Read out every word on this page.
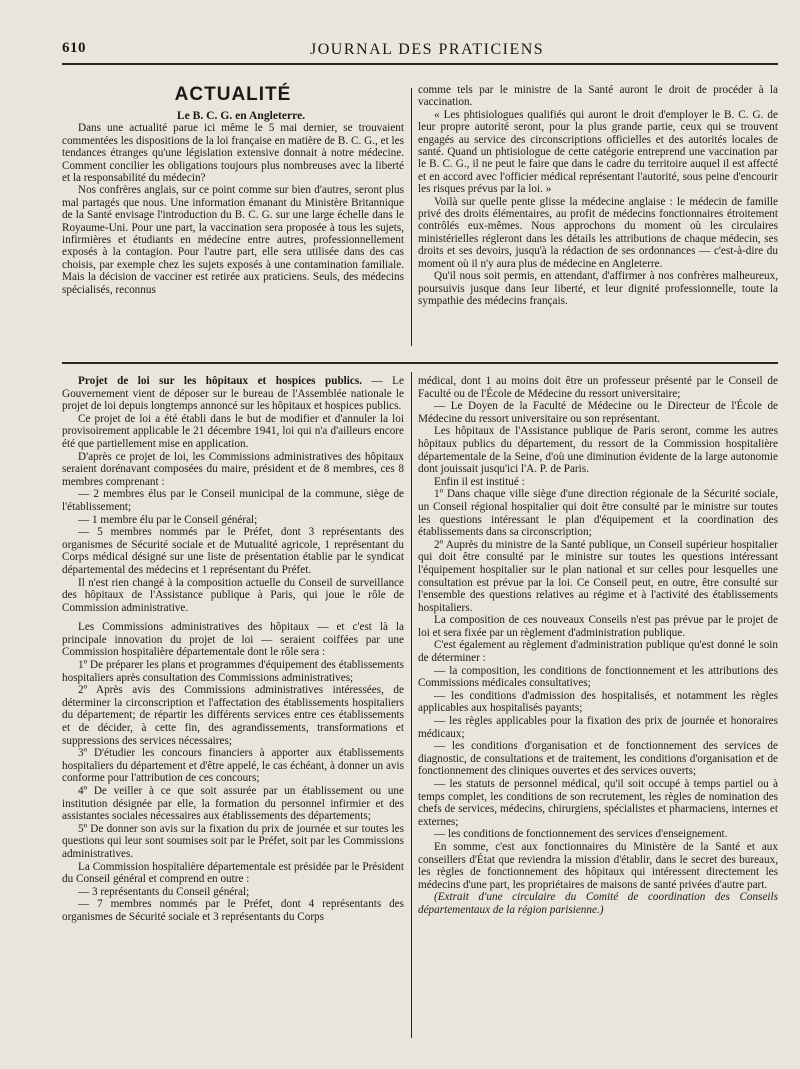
610	JOURNAL DES PRATICIENS
ACTUALITÉ

Le B. C. G. en Angleterre.

Dans une actualité parue ici même le 5 mai dernier, se trouvaient commentées les dispositions de la loi française en matière de B. C. G., et les tendances étranges qu'une législation extensive donnait à notre médecine. Comment concilier les obligations toujours plus nombreuses avec la liberté et la responsabilité du médecin?

Nos confrères anglais, sur ce point comme sur bien d'autres, seront plus mal partagés que nous. Une information émanant du Ministère Britannique de la Santé envisage l'introduction du B. C. G. sur une large échelle dans le Royaume-Uni. Pour une part, la vaccination sera proposée à tous les sujets, infirmières et étudiants en médecine entre autres, professionnellement exposés à la contagion. Pour l'autre part, elle sera utilisée dans des cas choisis, par exemple chez les sujets exposés à une contamination familiale. Mais la décision de vacciner est retirée aux praticiens. Seuls, des médecins spécialisés, reconnus

comme tels par le ministre de la Santé auront le droit de procéder à la vaccination.

« Les phtisiologues qualifiés qui auront le droit d'employer le B. C. G. de leur propre autorité seront, pour la plus grande partie, ceux qui se trouvent engagés au service des circonscriptions officielles et des autorités locales de santé. Quand un phtisiologue de cette catégorie entreprend une vaccination par le B. C. G., il ne peut le faire que dans le cadre du territoire auquel il est affecté et en accord avec l'officier médical représentant l'autorité, sous peine d'encourir les risques prévus par la loi. »

Voilà sur quelle pente glisse la médecine anglaise : le médecin de famille privé des droits élémentaires, au profit de médecins fonctionnaires étroitement contrôlés eux-mêmes. Nous approchons du moment où les circulaires ministérielles régleront dans les détails les attributions de chaque médecin, ses droits et ses devoirs, jusqu'à la rédaction de ses ordonnances — c'est-à-dire du moment où il n'y aura plus de médecine en Angleterre.

Qu'il nous soit permis, en attendant, d'affirmer à nos confrères malheureux, poursuivis jusque dans leur liberté, et leur dignité professionnelle, toute la sympathie des médecins français.

Projet de loi sur les hôpitaux et hospices publics. — Le Gouvernement vient de déposer sur le bureau de l'Assemblée nationale le projet de loi depuis longtemps annoncé sur les hôpitaux et hospices publics.

Ce projet de loi a été établi dans le but de modifier et d'annuler la loi provisoirement applicable le 21 décembre 1941, loi qui n'a d'ailleurs encore été que partiellement mise en application.

D'après ce projet de loi, les Commissions administratives des hôpitaux seraient dorénavant composées du maire, président et de 8 membres, ces 8 membres comprenant :

— 2 membres élus par le Conseil municipal de la commune, siège de l'établissement;

— 1 membre élu par le Conseil général;

— 5 membres nommés par le Préfet, dont 3 représentants des organismes de Sécurité sociale et de Mutualité agricole, 1 représentant du Corps médical désigné sur une liste de présentation établie par le syndicat départemental des médecins et 1 représentant du Préfet.

Il n'est rien changé à la composition actuelle du Conseil de surveillance des hôpitaux de l'Assistance publique à Paris, qui joue le rôle de Commission administrative.

Les Commissions administratives des hôpitaux — et c'est là la principale innovation du projet de loi — seraient coiffées par une Commission hospitalière départementale dont le rôle sera :

1º De préparer les plans et programmes d'équipement des établissements hospitaliers après consultation des Commissions administratives;

2º Après avis des Commissions administratives intéressées, de déterminer la circonscription et l'affectation des établissements hospitaliers du département; de répartir les différents services entre ces établissements et de décider, à cette fin, des agrandissements, transformations et suppressions des services nécessaires;

3º D'étudier les concours financiers à apporter aux établissements hospitaliers du département et d'être appelé, le cas échéant, à donner un avis conforme pour l'attribution de ces concours;

4º De veiller à ce que soit assurée par un établissement ou une institution désignée par elle, la formation du personnel infirmier et des assistantes sociales nécessaires aux établissements des départements;

5º De donner son avis sur la fixation du prix de journée et sur toutes les questions qui leur sont soumises soit par le Préfet, soit par les Commissions administratives.

La Commission hospitalière départementale est présidée par le Président du Conseil général et comprend en outre :

— 3 représentants du Conseil général;

— 7 membres nommés par le Préfet, dont 4 représentants des organismes de Sécurité sociale et 3 représentants du Corps

médical, dont 1 au moins doit être un professeur présenté par le Conseil de Faculté ou de l'École de Médecine du ressort universitaire;

— Le Doyen de la Faculté de Médecine ou le Directeur de l'École de Médecine du ressort universitaire ou son représentant.

Les hôpitaux de l'Assistance publique de Paris seront, comme les autres hôpitaux publics du département, du ressort de la Commission hospitalière départementale de la Seine, d'où une diminution évidente de la large autonomie dont jouissait jusqu'ici l'A. P. de Paris.

Enfin il est institué :

1º Dans chaque ville siège d'une direction régionale de la Sécurité sociale, un Conseil régional hospitalier qui doit être consulté par le ministre sur toutes les questions intéressant le plan d'équipement et la coordination des établissements dans sa circonscription;

2º Auprès du ministre de la Santé publique, un Conseil supérieur hospitalier qui doit être consulté par le ministre sur toutes les questions intéressant l'équipement hospitalier sur le plan national et sur celles pour lesquelles une consultation est prévue par la loi. Ce Conseil peut, en outre, être consulté sur l'ensemble des questions relatives au régime et à l'activité des établissements hospitaliers.

La composition de ces nouveaux Conseils n'est pas prévue par le projet de loi et sera fixée par un règlement d'administration publique.

C'est également au règlement d'administration publique qu'est donné le soin de déterminer :

— la composition, les conditions de fonctionnement et les attributions des Commissions médicales consultatives;

— les conditions d'admission des hospitalisés, et notamment les règles applicables aux hospitalisés payants;

— les règles applicables pour la fixation des prix de journée et honoraires médicaux;

— les conditions d'organisation et de fonctionnement des services de diagnostic, de consultations et de traitement, les conditions d'organisation et de fonctionnement des cliniques ouvertes et des services ouverts;

— les statuts de personnel médical, qu'il soit occupé à temps partiel ou à temps complet, les conditions de son recrutement, les règles de nomination des chefs de services, médecins, chirurgiens, spécialistes et pharmaciens, internes et externes;

— les conditions de fonctionnement des services d'enseignement.

En somme, c'est aux fonctionnaires du Ministère de la Santé et aux conseillers d'État que reviendra la mission d'établir, dans le secret des bureaux, les règles de fonctionnement des hôpitaux qui intéressent directement les médecins d'une part, les propriétaires de maisons de santé privées d'autre part.

(Extrait d'une circulaire du Comité de coordination des Conseils départementaux de la région parisienne.)
